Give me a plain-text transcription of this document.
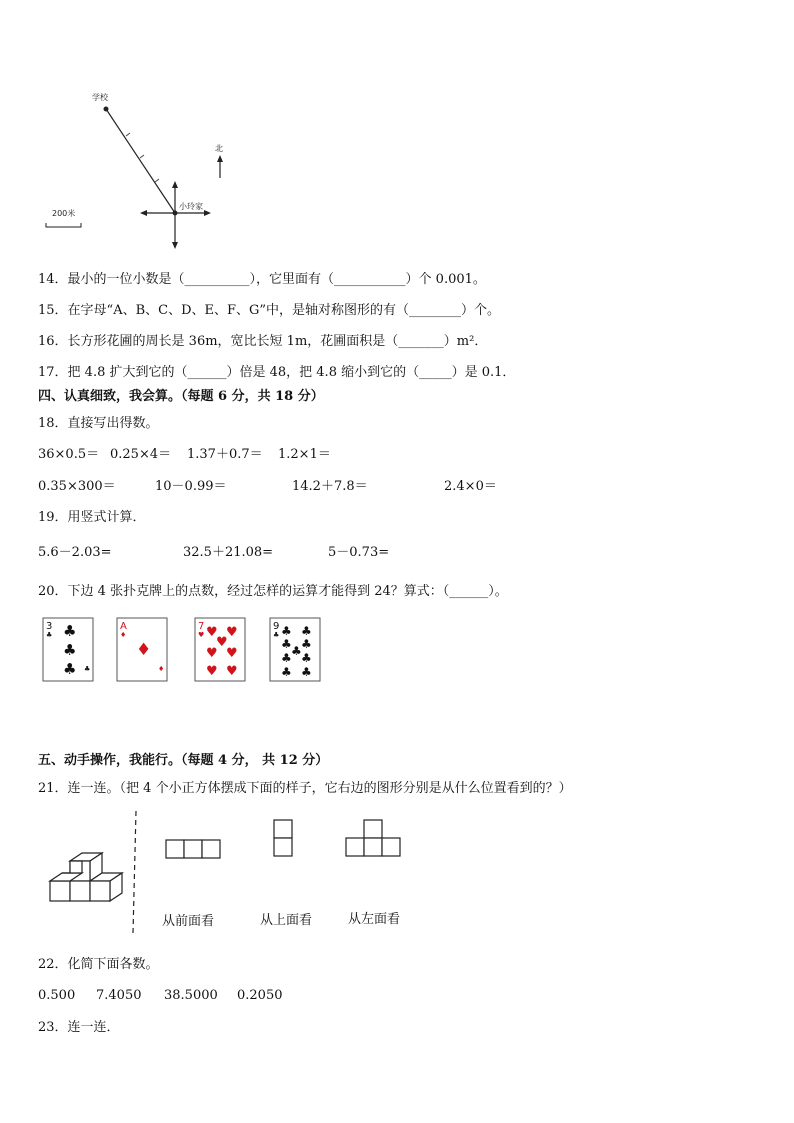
学校
小玲家
北
200米
14．最小的一位小数是（__________），它里面有（___________）个 0.001。
15．在字母“A、B、C、D、E、F、G”中，是轴对称图形的有（________）个。
16．长方形花圃的周长是 36m，宽比长短 1m，花圃面积是（_______）m²．
17．把 4.8 扩大到它的（______）倍是 48，把 4.8 缩小到它的（_____）是 0.1．
四、认真细致，我会算。（每题 6 分，共 18 分）
18．直接写出得数。
36×0.5＝ 0.25×4＝ 1.37＋0.7＝ 1.2×1＝
0.35×300＝	10－0.99＝	14.2＋7.8＝	2.4×0＝
19．用竖式计算．
5.6－2.03=	32.5＋21.08=	5－0.73=
20．下边 4 张扑克牌上的点数，经过怎样的运算才能得到 24？算式：（______）。
3
♣ ♣
♣
♣ ♣
A
♦
♦
♦
7
♥ ♥ ♥
♥
♥ ♥
♥ ♥
9
♣ ♣ ♣
♣ ♣
♣
♣ ♣
♣ ♣
五、动手操作，我能行。（每题 4 分， 共 12 分）
21．连一连。（把 4 个小正方体摆成下面的样子，它右边的图形分别是从什么位置看到的？）
从前面看	从上面看	从左面看
22．化简下面各数。
0.500 7.4050 38.5000 0.2050
23．连一连．
